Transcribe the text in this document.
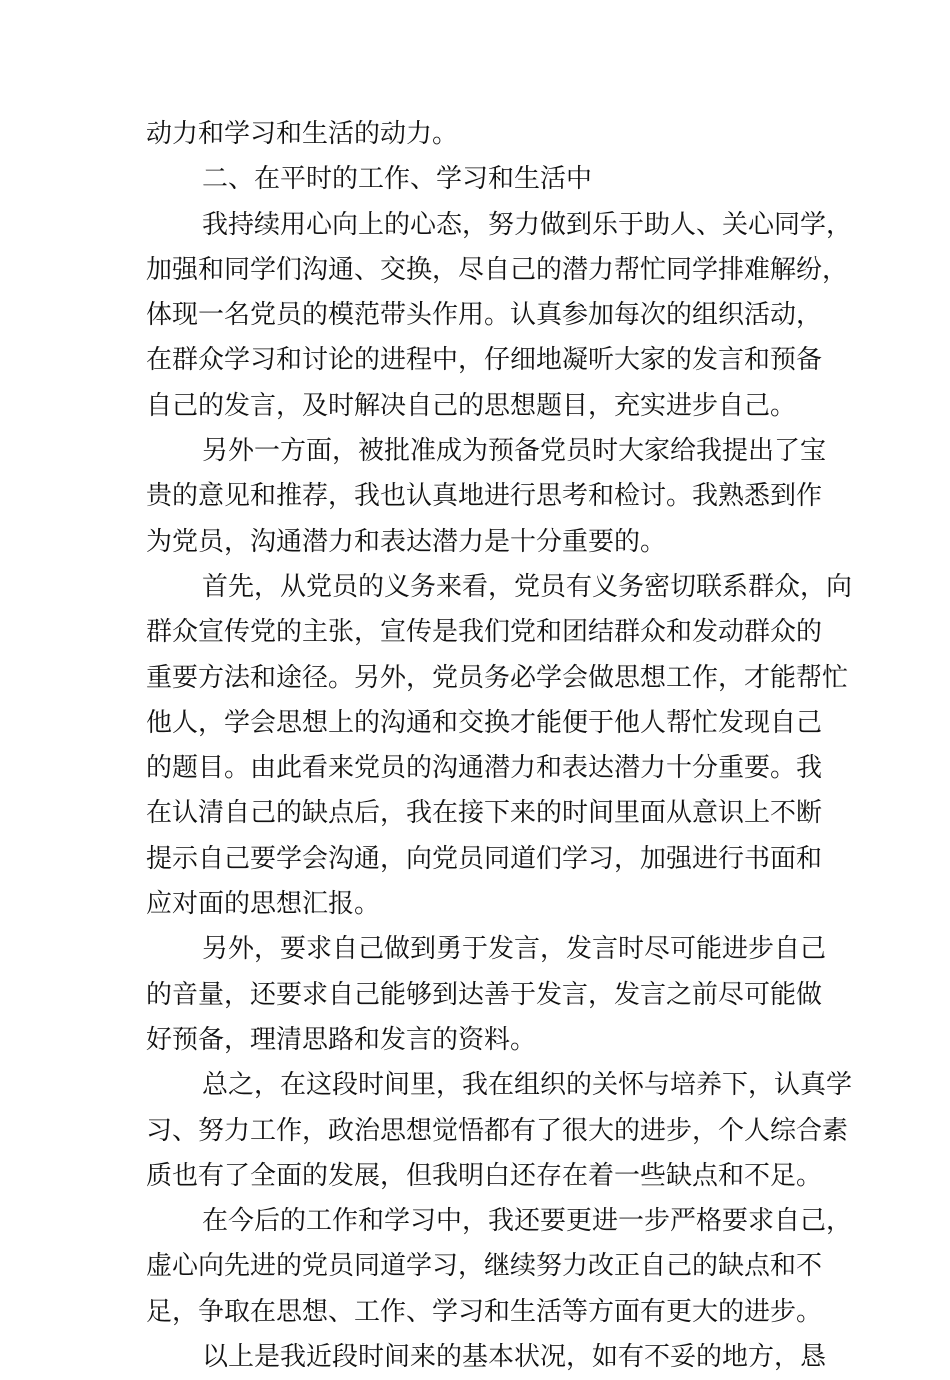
动力和学习和生活的动力。
二、在平时的工作、学习和生活中
我持续用心向上的心态，努力做到乐于助人、关心同学，
加强和同学们沟通、交换，尽自己的潜力帮忙同学排难解纷，
体现一名党员的模范带头作用。认真参加每次的组织活动，
在群众学习和讨论的进程中，仔细地凝听大家的发言和预备
自己的发言，及时解决自己的思想题目，充实进步自己。
另外一方面，被批准成为预备党员时大家给我提出了宝
贵的意见和推荐，我也认真地进行思考和检讨。我熟悉到作
为党员，沟通潜力和表达潜力是十分重要的。
首先，从党员的义务来看，党员有义务密切联系群众，向
群众宣传党的主张，宣传是我们党和团结群众和发动群众的
重要方法和途径。另外，党员务必学会做思想工作，才能帮忙
他人，学会思想上的沟通和交换才能便于他人帮忙发现自己
的题目。由此看来党员的沟通潜力和表达潜力十分重要。我
在认清自己的缺点后，我在接下来的时间里面从意识上不断
提示自己要学会沟通，向党员同道们学习，加强进行书面和
应对面的思想汇报。
另外，要求自己做到勇于发言，发言时尽可能进步自己
的音量，还要求自己能够到达善于发言，发言之前尽可能做
好预备，理清思路和发言的资料。
总之，在这段时间里，我在组织的关怀与培养下，认真学
习、努力工作，政治思想觉悟都有了很大的进步，个人综合素
质也有了全面的发展，但我明白还存在着一些缺点和不足。
在今后的工作和学习中，我还要更进一步严格要求自己，
虚心向先进的党员同道学习，继续努力改正自己的缺点和不
足，争取在思想、工作、学习和生活等方面有更大的进步。
以上是我近段时间来的基本状况，如有不妥的地方，恳
